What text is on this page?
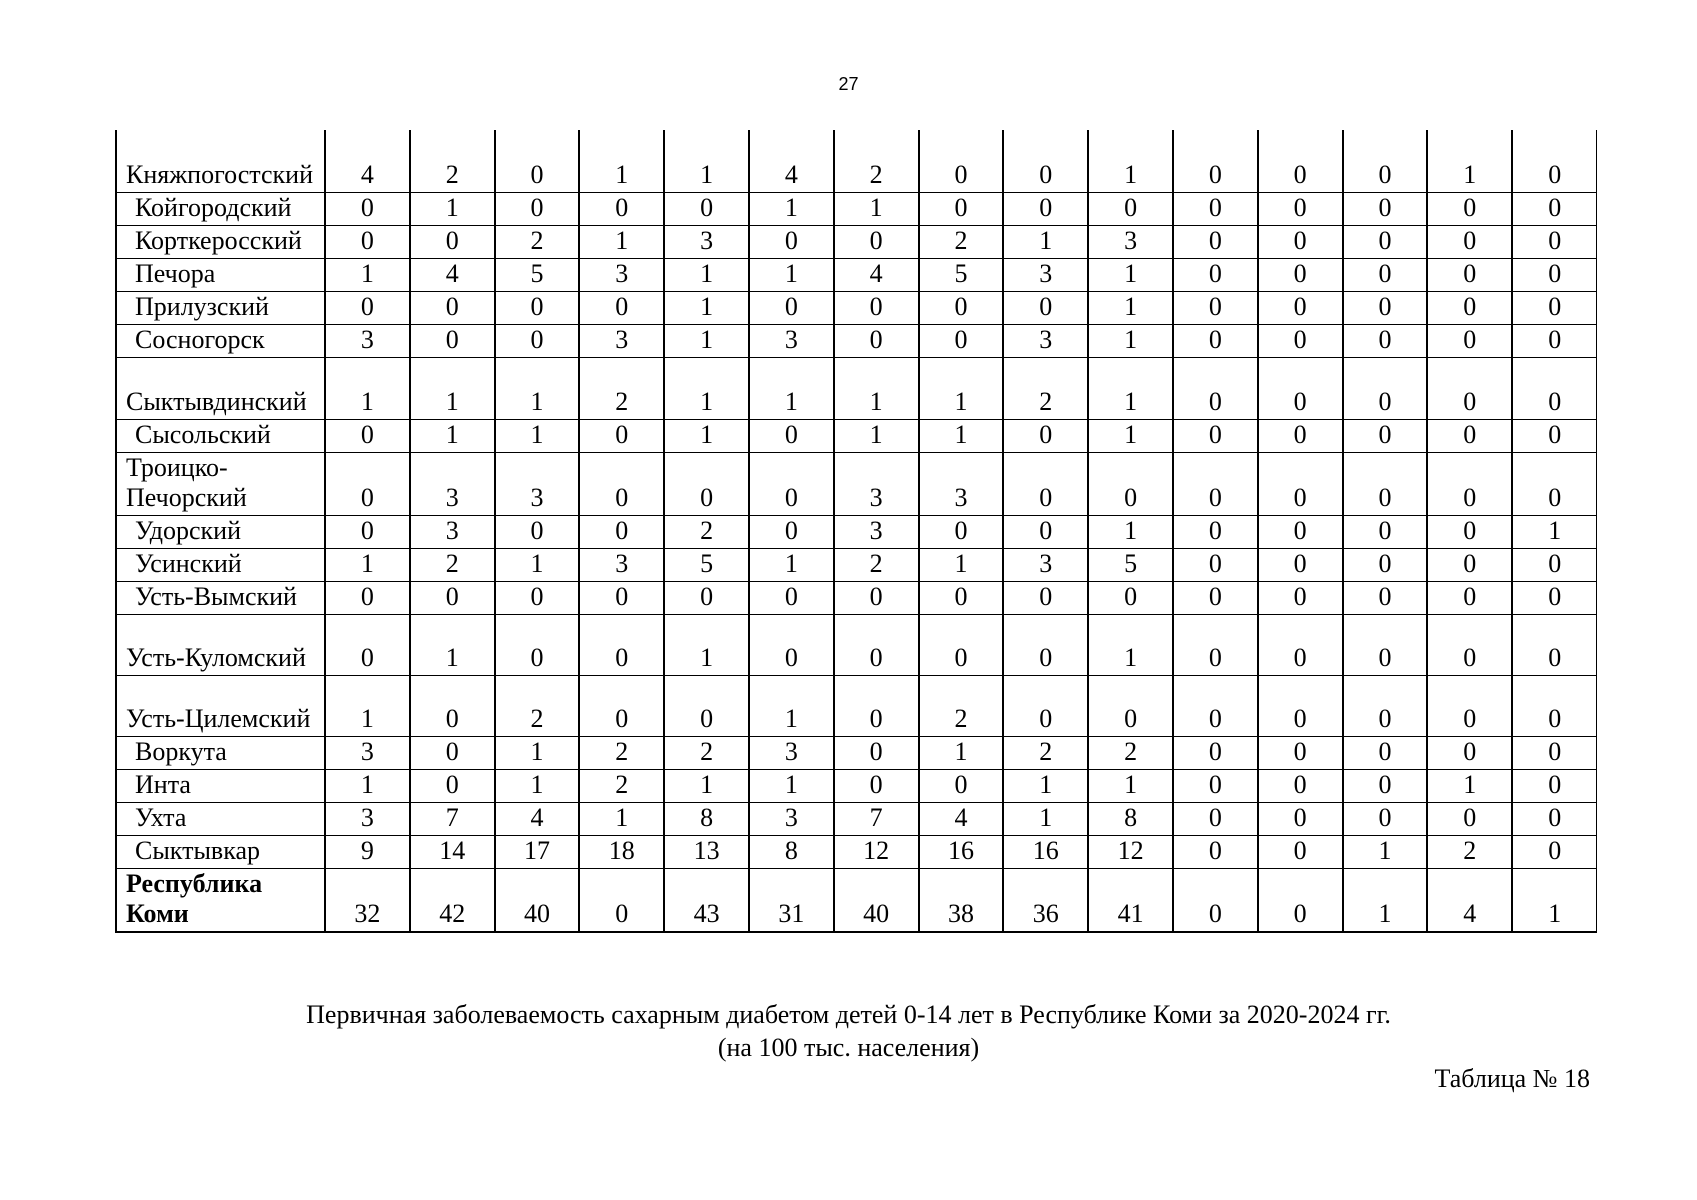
27
Княжпогостский	4	2	0	1	1	4	2	0	0	1	0	0	0	1	0
Койгородский	0	1	0	0	0	1	1	0	0	0	0	0	0	0	0
Корткеросский	0	0	2	1	3	0	0	2	1	3	0	0	0	0	0
Печора	1	4	5	3	1	1	4	5	3	1	0	0	0	0	0
Прилузский	0	0	0	0	1	0	0	0	0	1	0	0	0	0	0
Сосногорск	3	0	0	3	1	3	0	0	3	1	0	0	0	0	0
Сыктывдинский	1	1	1	2	1	1	1	1	2	1	0	0	0	0	0
Сысольский	0	1	1	0	1	0	1	1	0	1	0	0	0	0	0
Троицко-Печорский	0	3	3	0	0	0	3	3	0	0	0	0	0	0	0
Удорский	0	3	0	0	2	0	3	0	0	1	0	0	0	0	1
Усинский	1	2	1	3	5	1	2	1	3	5	0	0	0	0	0
Усть-Вымский	0	0	0	0	0	0	0	0	0	0	0	0	0	0	0
Усть-Куломский	0	1	0	0	1	0	0	0	0	1	0	0	0	0	0
Усть-Цилемский	1	0	2	0	0	1	0	2	0	0	0	0	0	0	0
Воркута	3	0	1	2	2	3	0	1	2	2	0	0	0	0	0
Инта	1	0	1	2	1	1	0	0	1	1	0	0	0	1	0
Ухта	3	7	4	1	8	3	7	4	1	8	0	0	0	0	0
Сыктывкар	9	14	17	18	13	8	12	16	16	12	0	0	1	2	0
Республика Коми	32	42	40	0	43	31	40	38	36	41	0	0	1	4	1
Первичная заболеваемость сахарным диабетом детей 0-14 лет в Республике Коми за 2020-2024 гг.
(на 100 тыс. населения)
Таблица № 18
